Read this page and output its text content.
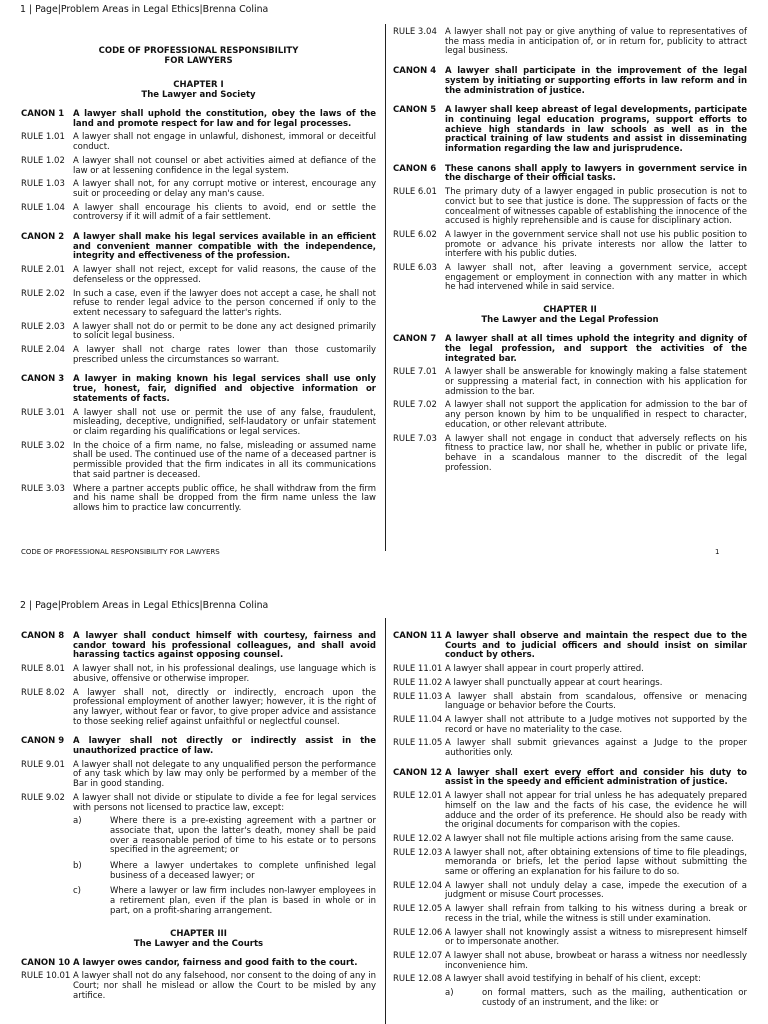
1 | Page|Problem Areas in Legal Ethics|Brenna Colina
CODE OF PROFESSIONAL RESPONSIBILITY
FOR LAWYERS
CHAPTER I
The Lawyer and Society
CANON 1	A lawyer shall uphold the constitution, obey the laws of the land and promote respect for law and for legal processes.
RULE 1.01 A lawyer shall not engage in unlawful, dishonest, immoral or deceitful conduct.
RULE 1.02 A lawyer shall not counsel or abet activities aimed at defiance of the law or at lessening confidence in the legal system.
RULE 1.03 A lawyer shall not, for any corrupt motive or interest, encourage any suit or proceeding or delay any man's cause.
RULE 1.04 A lawyer shall encourage his clients to avoid, end or settle the controversy if it will admit of a fair settlement.
CANON 2	A lawyer shall make his legal services available in an efficient and convenient manner compatible with the independence, integrity and effectiveness of the profession.
RULE 2.01 A lawyer shall not reject, except for valid reasons, the cause of the defenseless or the oppressed.
RULE 2.02 In such a case, even if the lawyer does not accept a case, he shall not refuse to render legal advice to the person concerned if only to the extent necessary to safeguard the latter's rights.
RULE 2.03 A lawyer shall not do or permit to be done any act designed primarily to solicit legal business.
RULE 2.04 A lawyer shall not charge rates lower than those customarily prescribed unless the circumstances so warrant.
CANON 3	A lawyer in making known his legal services shall use only true, honest, fair, dignified and objective information or statements of facts.
RULE 3.01 A lawyer shall not use or permit the use of any false, fraudulent, misleading, deceptive, undignified, self-laudatory or unfair statement or claim regarding his qualifications or legal services.
RULE 3.02 In the choice of a firm name, no false, misleading or assumed name shall be used. The continued use of the name of a deceased partner is permissible provided that the firm indicates in all its communications that said partner is deceased.
RULE 3.03 Where a partner accepts public office, he shall withdraw from the firm and his name shall be dropped from the firm name unless the law allows him to practice law concurrently.
RULE 3.04 A lawyer shall not pay or give anything of value to representatives of the mass media in anticipation of, or in return for, publicity to attract legal business.
CANON 4	A lawyer shall participate in the improvement of the legal system by initiating or supporting efforts in law reform and in the administration of justice.
CANON 5	A lawyer shall keep abreast of legal developments, participate in continuing legal education programs, support efforts to achieve high standards in law schools as well as in the practical training of law students and assist in disseminating information regarding the law and jurisprudence.
CANON 6	These canons shall apply to lawyers in government service in the discharge of their official tasks.
RULE 6.01 The primary duty of a lawyer engaged in public prosecution is not to convict but to see that justice is done. The suppression of facts or the concealment of witnesses capable of establishing the innocence of the accused is highly reprehensible and is cause for disciplinary action.
RULE 6.02 A lawyer in the government service shall not use his public position to promote or advance his private interests nor allow the latter to interfere with his public duties.
RULE 6.03 A lawyer shall not, after leaving a government service, accept engagement or employment in connection with any matter in which he had intervened while in said service.
CHAPTER II
The Lawyer and the Legal Profession
CANON 7	A lawyer shall at all times uphold the integrity and dignity of the legal profession, and support the activities of the integrated bar.
RULE 7.01 A lawyer shall be answerable for knowingly making a false statement or suppressing a material fact, in connection with his application for admission to the bar.
RULE 7.02 A lawyer shall not support the application for admission to the bar of any person known by him to be unqualified in respect to character, education, or other relevant attribute.
RULE 7.03 A lawyer shall not engage in conduct that adversely reflects on his fitness to practice law, nor shall he, whether in public or private life, behave in a scandalous manner to the discredit of the legal profession.
CODE OF PROFESSIONAL RESPONSIBILITY FOR LAWYERS	1
2 | Page|Problem Areas in Legal Ethics|Brenna Colina
CANON 8	A lawyer shall conduct himself with courtesy, fairness and candor toward his professional colleagues, and shall avoid harassing tactics against opposing counsel.
RULE 8.01 A lawyer shall not, in his professional dealings, use language which is abusive, offensive or otherwise improper.
RULE 8.02 A lawyer shall not, directly or indirectly, encroach upon the professional employment of another lawyer; however, it is the right of any lawyer, without fear or favor, to give proper advice and assistance to those seeking relief against unfaithful or neglectful counsel.
CANON 9	A lawyer shall not directly or indirectly assist in the unauthorized practice of law.
RULE 9.01 A lawyer shall not delegate to any unqualified person the performance of any task which by law may only be performed by a member of the Bar in good standing.
RULE 9.02 A lawyer shall not divide or stipulate to divide a fee for legal services with persons not licensed to practice law, except:
a)	Where there is a pre-existing agreement with a partner or associate that, upon the latter's death, money shall be paid over a reasonable period of time to his estate or to persons specified in the agreement; or
b)	Where a lawyer undertakes to complete unfinished legal business of a deceased lawyer; or
c)	Where a lawyer or law firm includes non-lawyer employees in a retirement plan, even if the plan is based in whole or in part, on a profit-sharing arrangement.
CHAPTER III
The Lawyer and the Courts
CANON 10 A lawyer owes candor, fairness and good faith to the court.
RULE 10.01 A lawyer shall not do any falsehood, nor consent to the doing of any in Court; nor shall he mislead or allow the Court to be misled by any artifice.
CANON 11 A lawyer shall observe and maintain the respect due to the Courts and to judicial officers and should insist on similar conduct by others.
RULE 11.01 A lawyer shall appear in court properly attired.
RULE 11.02 A lawyer shall punctually appear at court hearings.
RULE 11.03 A lawyer shall abstain from scandalous, offensive or menacing language or behavior before the Courts.
RULE 11.04 A lawyer shall not attribute to a Judge motives not supported by the record or have no materiality to the case.
RULE 11.05 A lawyer shall submit grievances against a Judge to the proper authorities only.
CANON 12 A lawyer shall exert every effort and consider his duty to assist in the speedy and efficient administration of justice.
RULE 12.01 A lawyer shall not appear for trial unless he has adequately prepared himself on the law and the facts of his case, the evidence he will adduce and the order of its preference. He should also be ready with the original documents for comparison with the copies.
RULE 12.02 A lawyer shall not file multiple actions arising from the same cause.
RULE 12.03 A lawyer shall not, after obtaining extensions of time to file pleadings, memoranda or briefs, let the period lapse without submitting the same or offering an explanation for his failure to do so.
RULE 12.04 A lawyer shall not unduly delay a case, impede the execution of a judgment or misuse Court processes.
RULE 12.05 A lawyer shall refrain from talking to his witness during a break or recess in the trial, while the witness is still under examination.
RULE 12.06 A lawyer shall not knowingly assist a witness to misrepresent himself or to impersonate another.
RULE 12.07 A lawyer shall not abuse, browbeat or harass a witness nor needlessly inconvenience him.
RULE 12.08 A lawyer shall avoid testifying in behalf of his client, except:
a)	on formal matters, such as the mailing, authentication or custody of an instrument, and the like: or
